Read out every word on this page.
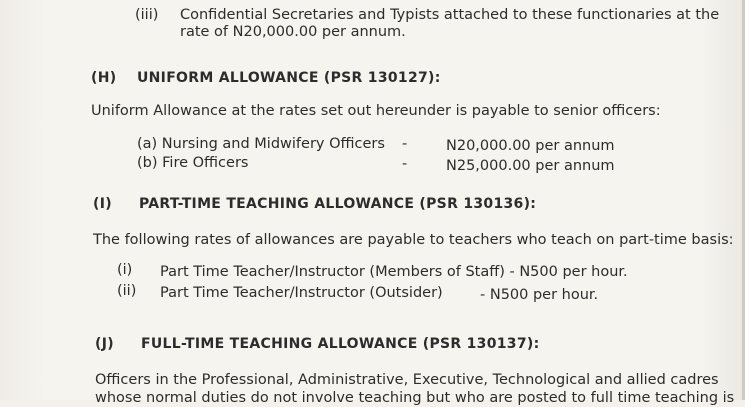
(iii) Confidential Secretaries and Typists attached to these functionaries at the
rate of N20,000.00 per annum.
(H) UNIFORM ALLOWANCE (PSR 130127):
Uniform Allowance at the rates set out hereunder is payable to senior officers:
(a) Nursing and Midwifery Officers -	N20,000.00 per annum
(b) Fire Officers	-	N25,000.00 per annum
(I) PART-TIME TEACHING ALLOWANCE (PSR 130136):
The following rates of allowances are payable to teachers who teach on part-time basis:
(i) Part Time Teacher/Instructor (Members of Staff) - N500 per hour.
(ii) Part Time Teacher/Instructor (Outsider)	- N500 per hour.
(J) FULL-TIME TEACHING ALLOWANCE (PSR 130137):
Officers in the Professional, Administrative, Executive, Technological and allied cadres
whose normal duties do not involve teaching but who are posted to full time teaching is
